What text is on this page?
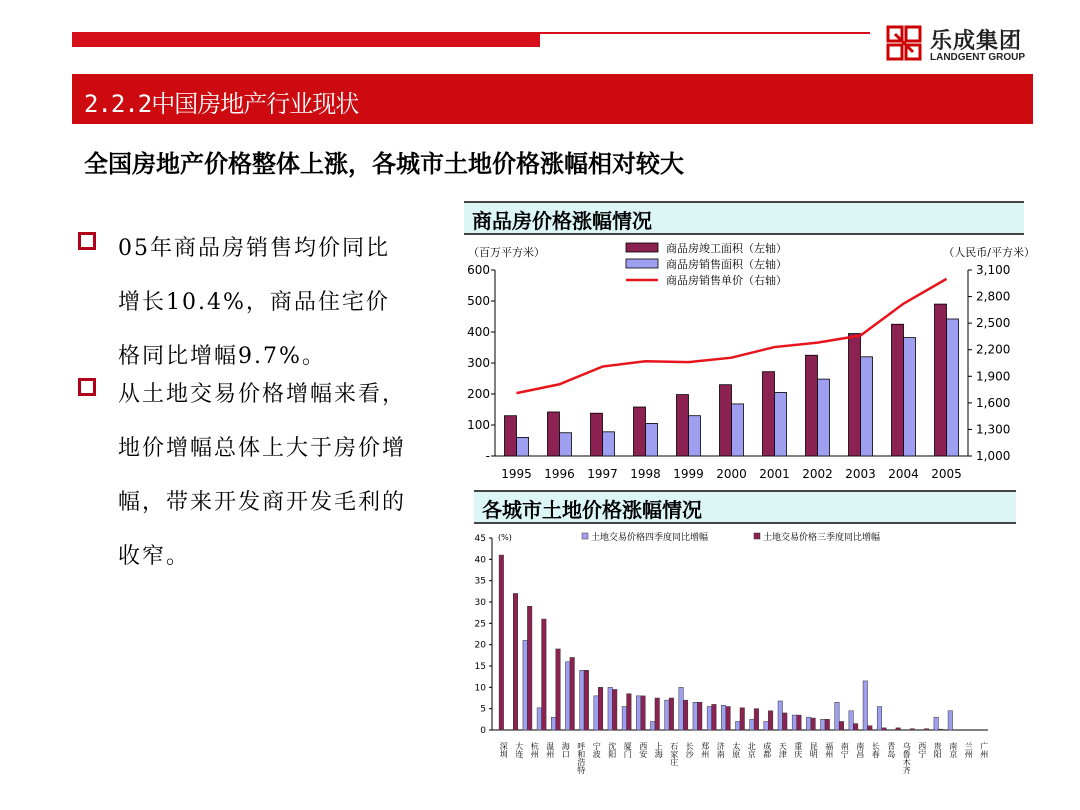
乐成集团
LANDGENT GROUP
2.2.2中国房地产行业现状
全国房地产价格整体上涨，各城市土地价格涨幅相对较大
05年商品房销售均价同比增长10.4%，商品住宅价格同比增幅9.7%。
从土地交易价格增幅来看，地价增幅总体上大于房价增幅，带来开发商开发毛利的收窄。
商品房价格涨幅情况
（百万平方米）	（人民币/平方米）
600
500
400
300
200
100
-
3,100
2,800
2,500
2,200
1,900
1,600
1,300
1,000
1995 1996 1997 1998 1999 2000 2001 2002 2003 2004 2005
商品房竣工面积（左轴）
商品房销售面积（左轴）
商品房销售单价（右轴）
各城市土地价格涨幅情况
(%)
45
40
35
30
25
20
15
10
5
0
深圳 大连 杭州 温州 海口 呼和浩特 宁波 沈阳 厦门 西安 上海 石家庄 长沙 郑州 济南 太原 北京 成都 天津 重庆 昆明 福州 南宁 南昌 长春 青岛 乌鲁木齐 西宁 贵阳 南京 兰州 广州
土地交易价格四季度同比增幅	土地交易价格三季度同比增幅
